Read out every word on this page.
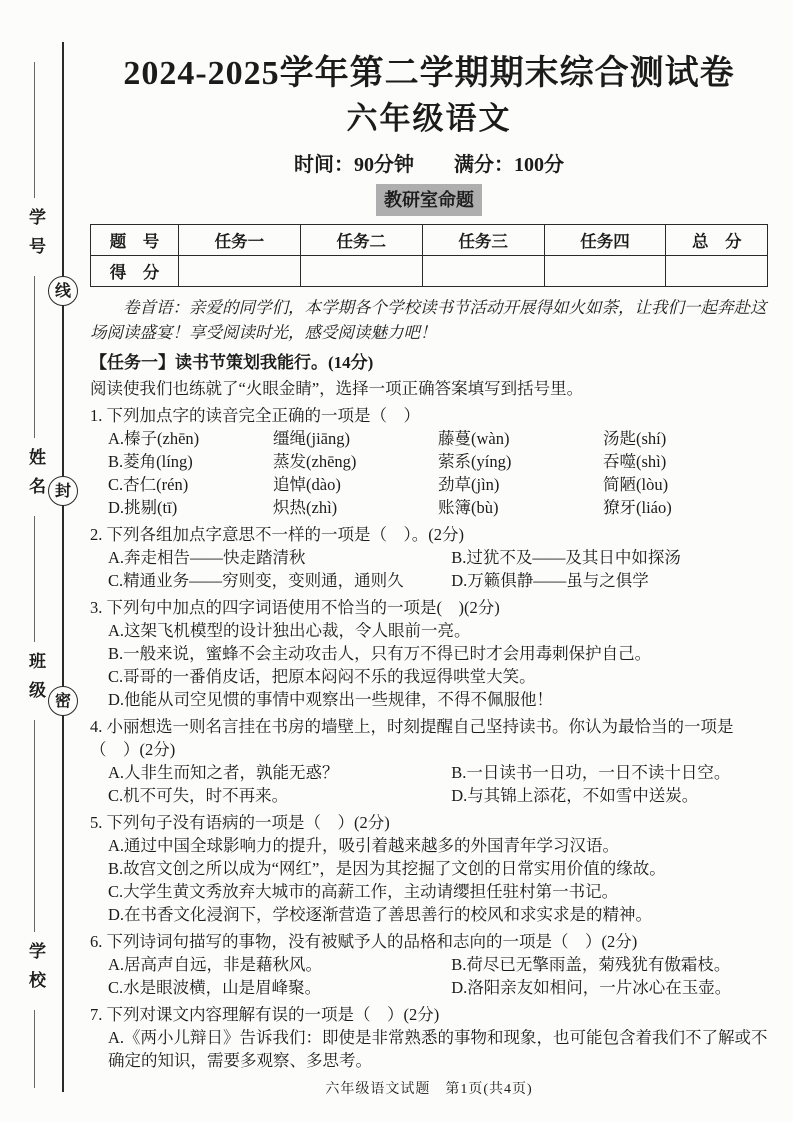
学号
姓名
班级
学校
线
封
密
2024-2025学年第二学期期末综合测试卷
六年级语文
时间：90分钟　　满分：100分
教研室命题
题　号	任务一	任务二	任务三	任务四	总　分
得　分					
卷首语：亲爱的同学们，本学期各个学校读书节活动开展得如火如荼，让我们一起奔赴这场阅读盛宴！享受阅读时光，感受阅读魅力吧！
【任务一】读书节策划我能行。(14分)
阅读使我们也练就了“火眼金睛”，选择一项正确答案填写到括号里。
1. 下列加点字的读音完全正确的一项是（　）
A.榛子(zhēn)	缰绳(jiāng)	藤蔓(wàn)	汤匙(shí)
B.菱角(líng)	蒸发(zhēng)	萦系(yíng)	吞噬(shì)
C.杏仁(rén)	追悼(dào)	劲草(jìn)	简陋(lòu)
D.挑剔(tī)	炽热(zhì)	账簿(bù)	獠牙(liáo)
2. 下列各组加点字意思不一样的一项是（　）。(2分)
A.奔走相告——快走踏清秋	B.过犹不及——及其日中如探汤
C.精通业务——穷则变，变则通，通则久	D.万籁俱静——虽与之俱学
3. 下列句中加点的四字词语使用不恰当的一项是(　)(2分)
A.这架飞机模型的设计独出心裁，令人眼前一亮。
B.一般来说，蜜蜂不会主动攻击人，只有万不得已时才会用毒刺保护自己。
C.哥哥的一番俏皮话，把原本闷闷不乐的我逗得哄堂大笑。
D.他能从司空见惯的事情中观察出一些规律，不得不佩服他！
4. 小丽想选一则名言挂在书房的墙壁上，时刻提醒自己坚持读书。你认为最恰当的一项是（　）(2分)
A.人非生而知之者，孰能无惑？	B.一日读书一日功，一日不读十日空。
C.机不可失，时不再来。	D.与其锦上添花，不如雪中送炭。
5. 下列句子没有语病的一项是（　）(2分)
A.通过中国全球影响力的提升，吸引着越来越多的外国青年学习汉语。
B.故宫文创之所以成为“网红”，是因为其挖掘了文创的日常实用价值的缘故。
C.大学生黄文秀放弃大城市的高薪工作，主动请缨担任驻村第一书记。
D.在书香文化浸润下，学校逐渐营造了善思善行的校风和求实求是的精神。
6. 下列诗词句描写的事物，没有被赋予人的品格和志向的一项是（　）(2分)
A.居高声自远，非是藉秋风。	B.荷尽已无擎雨盖，菊残犹有傲霜枝。
C.水是眼波横，山是眉峰聚。	D.洛阳亲友如相问，一片冰心在玉壶。
7. 下列对课文内容理解有误的一项是（　）(2分)
A.《两小儿辩日》告诉我们：即使是非常熟悉的事物和现象，也可能包含着我们不了解或不确定的知识，需要多观察、多思考。
六年级语文试题　第1页(共4页)
